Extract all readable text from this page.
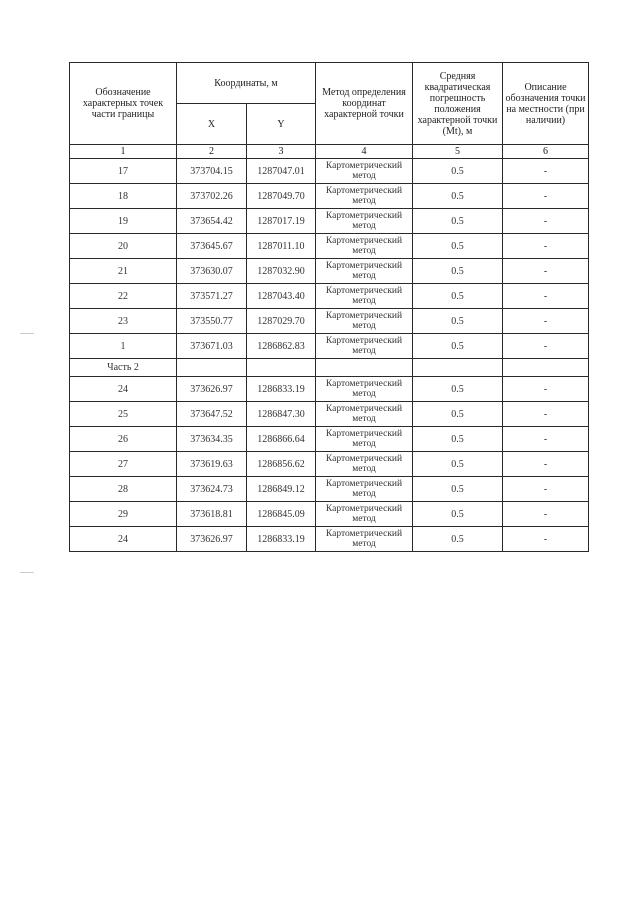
Обозначение характерных точек части границы	Координаты, м		Метод определения координат характерной точки	Средняя квадратическая погрешность положения характерной точки (Mt), м	Описание обозначения точки на местности (при наличии)
	X	Y			
1	2	3	4	5	6
17	373704.15	1287047.01	Картометрический метод	0.5	-
18	373702.26	1287049.70	Картометрический метод	0.5	-
19	373654.42	1287017.19	Картометрический метод	0.5	-
20	373645.67	1287011.10	Картометрический метод	0.5	-
21	373630.07	1287032.90	Картометрический метод	0.5	-
22	373571.27	1287043.40	Картометрический метод	0.5	-
23	373550.77	1287029.70	Картометрический метод	0.5	-
1	373671.03	1286862.83	Картометрический метод	0.5	-
Часть 2					
24	373626.97	1286833.19	Картометрический метод	0.5	-
25	373647.52	1286847.30	Картометрический метод	0.5	-
26	373634.35	1286866.64	Картометрический метод	0.5	-
27	373619.63	1286856.62	Картометрический метод	0.5	-
28	373624.73	1286849.12	Картометрический метод	0.5	-
29	373618.81	1286845.09	Картометрический метод	0.5	-
24	373626.97	1286833.19	Картометрический метод	0.5	-
